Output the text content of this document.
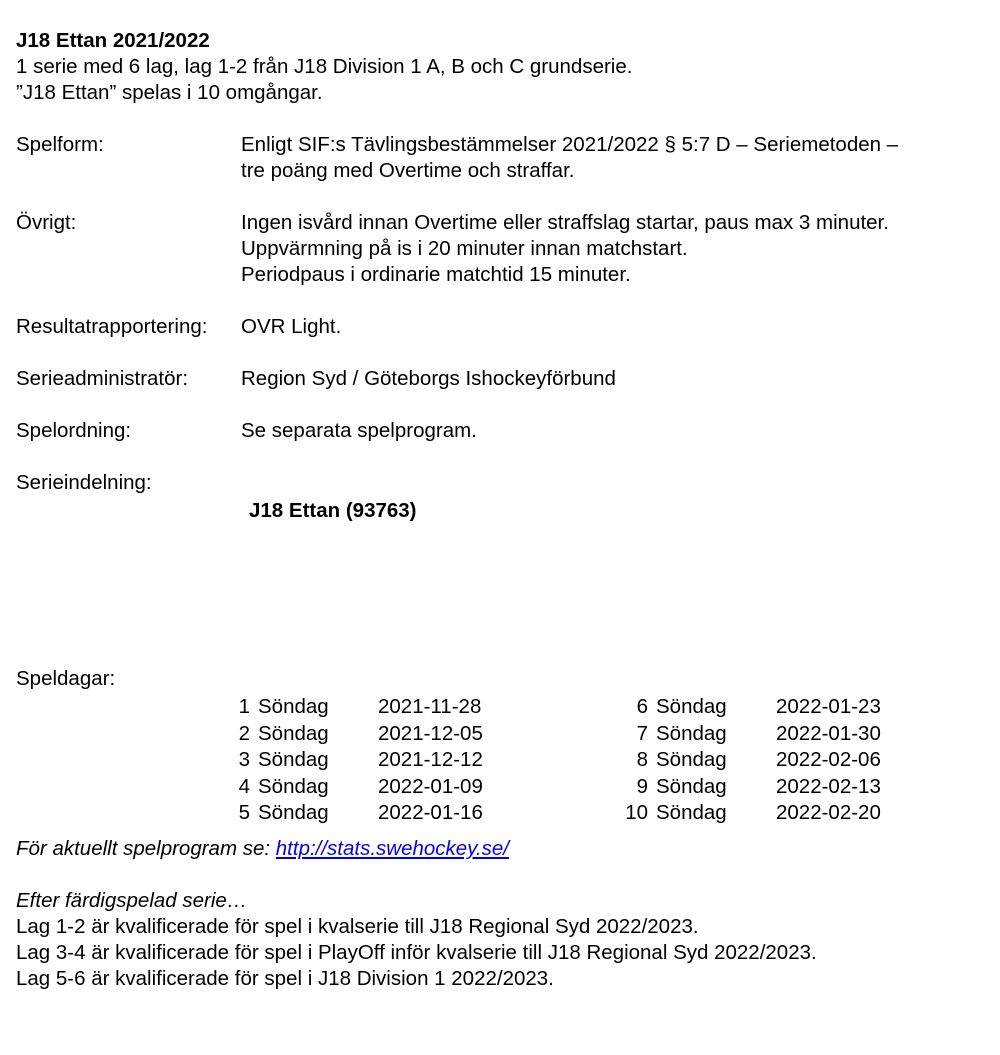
J18 Ettan 2021/2022

1 serie med 6 lag, lag 1-2 från J18 Division 1 A, B och C grundserie.

”J18 Ettan” spelas i 10 omgångar.

Spelform:	Enligt SIF:s Tävlingsbestämmelser 2021/2022 § 5:7 D – Seriemetoden –
tre poäng med Overtime och straffar.
Övrigt:	Ingen isvård innan Overtime eller straffslag startar, paus max 3 minuter.
Uppvärmning på is i 20 minuter innan matchstart.
Periodpaus i ordinarie matchtid 15 minuter.
Resultatrapportering:	OVR Light.
Serieadministratör:	Region Syd / Göteborgs Ishockeyförbund
Spelordning:	Se separata spelprogram.

Serieindelning:

J18 Ettan (93763)

Speldagar:

1 Söndag	2021-11-28
2 Söndag	2021-12-05
3 Söndag	2021-12-12
4 Söndag	2022-01-09
5 Söndag	2022-01-16
6 Söndag	2022-01-23
7 Söndag	2022-01-30
8 Söndag	2022-02-06
9 Söndag	2022-02-13
10 Söndag	2022-02-20

För aktuellt spelprogram se: http://stats.swehockey.se/

Efter färdigspelad serie…

Lag 1-2 är kvalificerade för spel i kvalserie till J18 Regional Syd 2022/2023.

Lag 3-4 är kvalificerade för spel i PlayOff inför kvalserie till J18 Regional Syd 2022/2023.

Lag 5-6 är kvalificerade för spel i J18 Division 1 2022/2023.
